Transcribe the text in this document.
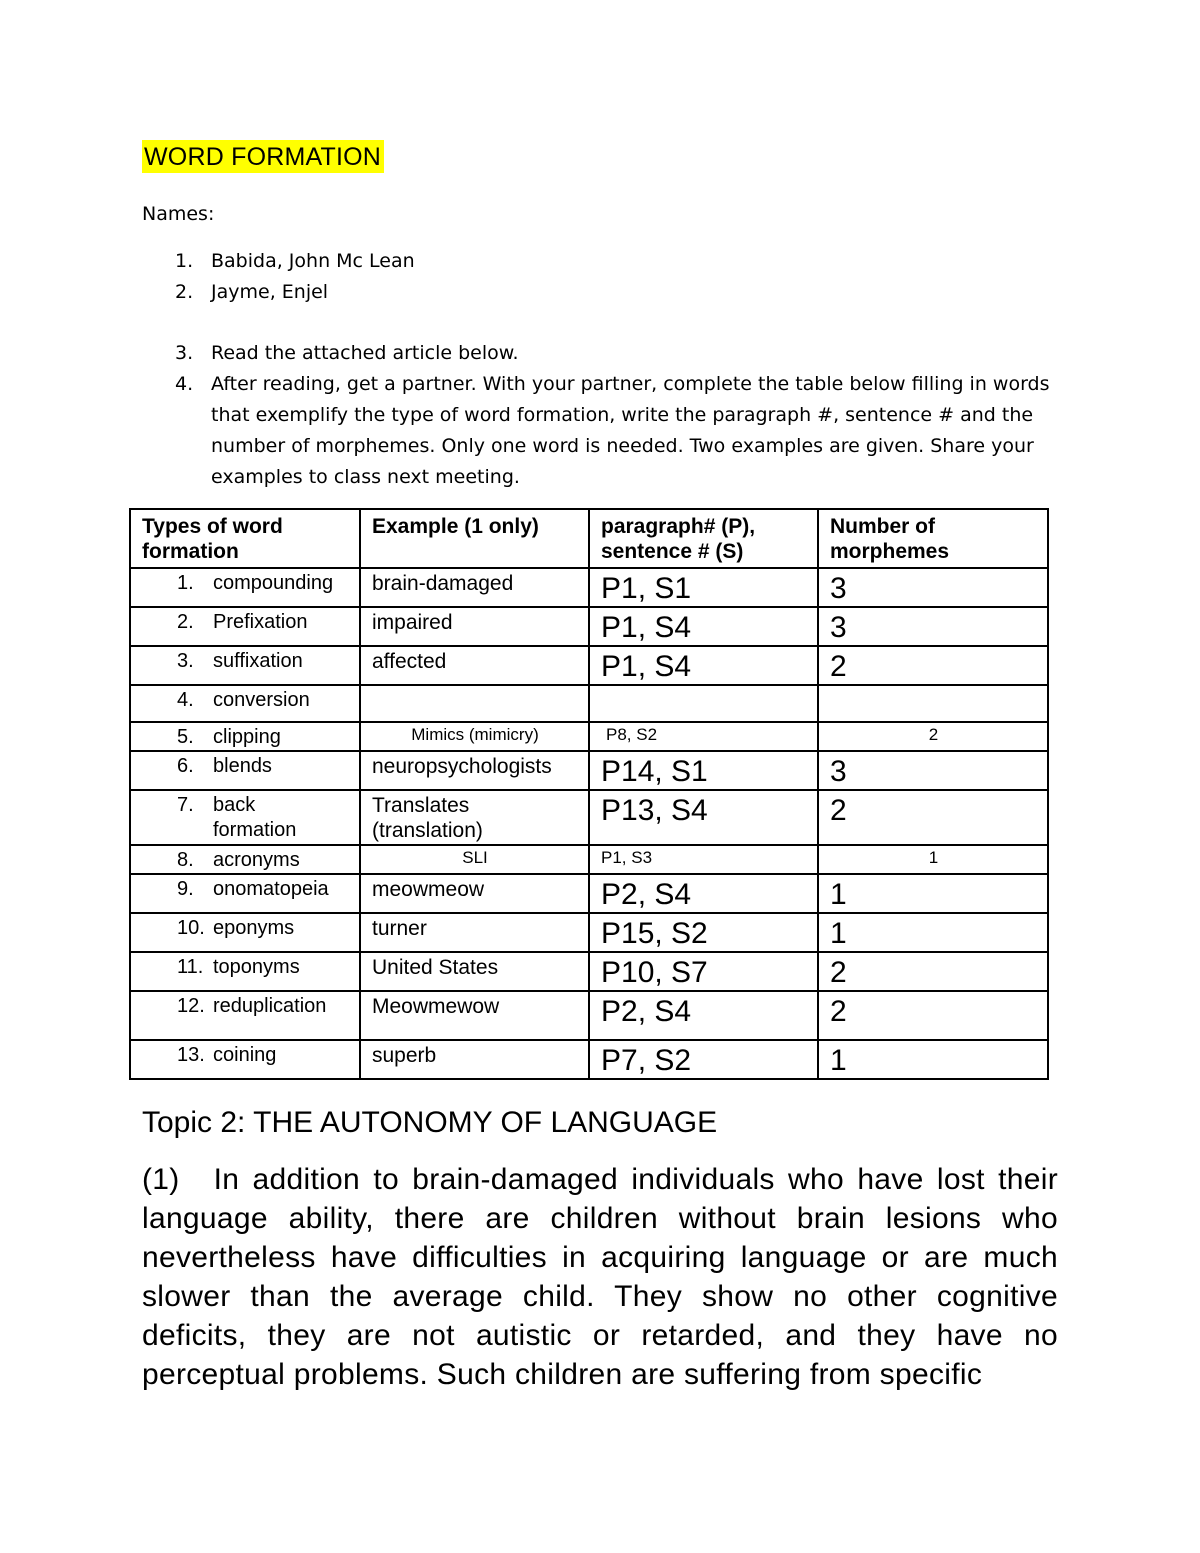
WORD FORMATION
Names:
1. Babida, John Mc Lean
2. Jayme, Enjel
3. Read the attached article below.
4. After reading, get a partner. With your partner, complete the table below filling in words that exemplify the type of word formation, write the paragraph #, sentence # and the number of morphemes. Only one word is needed. Two examples are given. Share your examples to class next meeting.
Types of word formation	Example (1 only)	paragraph# (P), sentence # (S)	Number of morphemes

1. compounding	brain-damaged	P1, S1	3

2. Prefixation	impaired	P1, S4	3

3. suffixation	affected	P1, S4	2

4. conversion			

5. clipping	Mimics (mimicry)	P8, S2	2

6. blends	neuropsychologists	P14, S1	3

7. back formation	Translates (translation)	P13, S4	2

8. acronyms	SLI	P1, S3	1

9. onomatopeia	meowmeow	P2, S4	1

10. eponyms	turner	P15, S2	1

11. toponyms	United States	P10, S7	2

12. reduplication	Meowmewow	P2, S4	2

13. coining	superb	P7, S2	1
Topic 2: THE AUTONOMY OF LANGUAGE
(1) In addition to brain-damaged individuals who have lost their language ability, there are children without brain lesions who nevertheless have difficulties in acquiring language or are much slower than the average child. They show no other cognitive deficits, they are not autistic or retarded, and they have no perceptual problems. Such children are suffering from specific
